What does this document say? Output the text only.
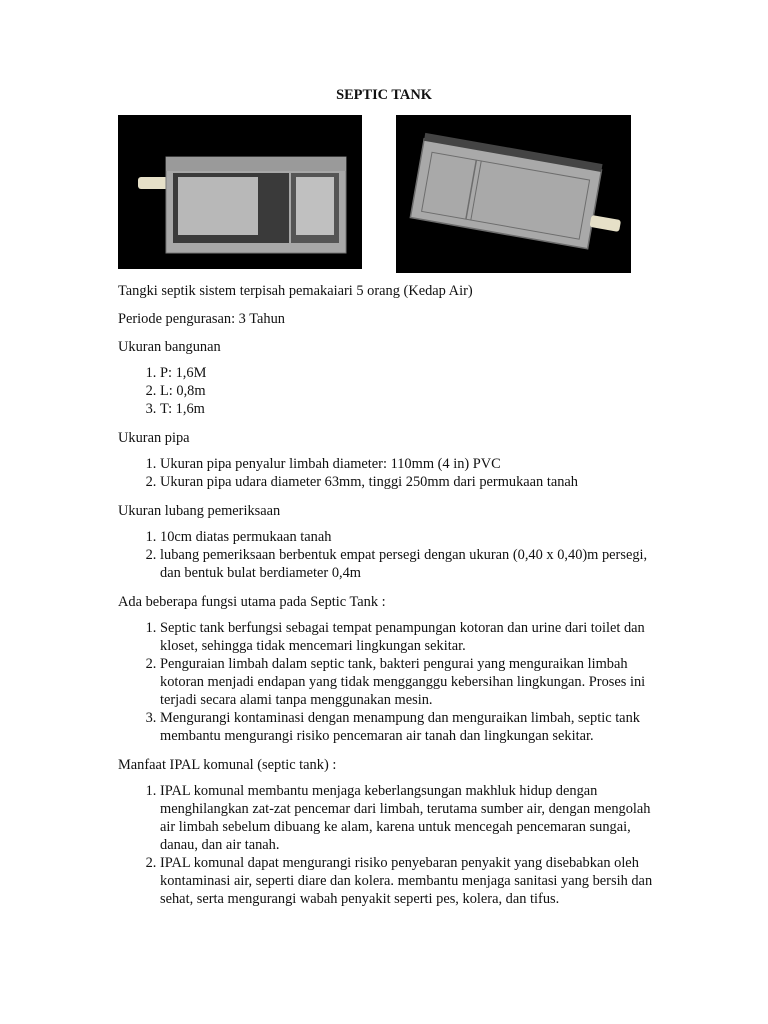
SEPTIC TANK

Tangki septik sistem terpisah pemakaiari 5 orang (Kedap Air)

Periode pengurasan: 3 Tahun

Ukuran bangunan

1. P: 1,6M
2. L: 0,8m
3. T: 1,6m

Ukuran pipa

1. Ukuran pipa penyalur limbah diameter: 110mm (4 in) PVC
2. Ukuran pipa udara diameter 63mm, tinggi 250mm dari permukaan tanah

Ukuran lubang pemeriksaan

1. 10cm diatas permukaan tanah
2. lubang pemeriksaan berbentuk empat persegi dengan ukuran (0,40 x 0,40)m persegi, dan bentuk bulat berdiameter 0,4m

Ada beberapa fungsi utama pada Septic Tank :

1. Septic tank berfungsi sebagai tempat penampungan kotoran dan urine dari toilet dan kloset, sehingga tidak mencemari lingkungan sekitar.
2. Penguraian limbah dalam septic tank, bakteri pengurai yang menguraikan limbah kotoran menjadi endapan yang tidak mengganggu kebersihan lingkungan. Proses ini terjadi secara alami tanpa menggunakan mesin.
3. Mengurangi kontaminasi dengan menampung dan menguraikan limbah, septic tank membantu mengurangi risiko pencemaran air tanah dan lingkungan sekitar.

Manfaat IPAL komunal (septic tank) :

1. IPAL komunal membantu menjaga keberlangsungan makhluk hidup dengan menghilangkan zat-zat pencemar dari limbah, terutama sumber air, dengan mengolah air limbah sebelum dibuang ke alam, karena untuk mencegah pencemaran sungai, danau, dan air tanah.
2. IPAL komunal dapat mengurangi risiko penyebaran penyakit yang disebabkan oleh kontaminasi air, seperti diare dan kolera. membantu menjaga sanitasi yang bersih dan sehat, serta mengurangi wabah penyakit seperti pes, kolera, dan tifus.
